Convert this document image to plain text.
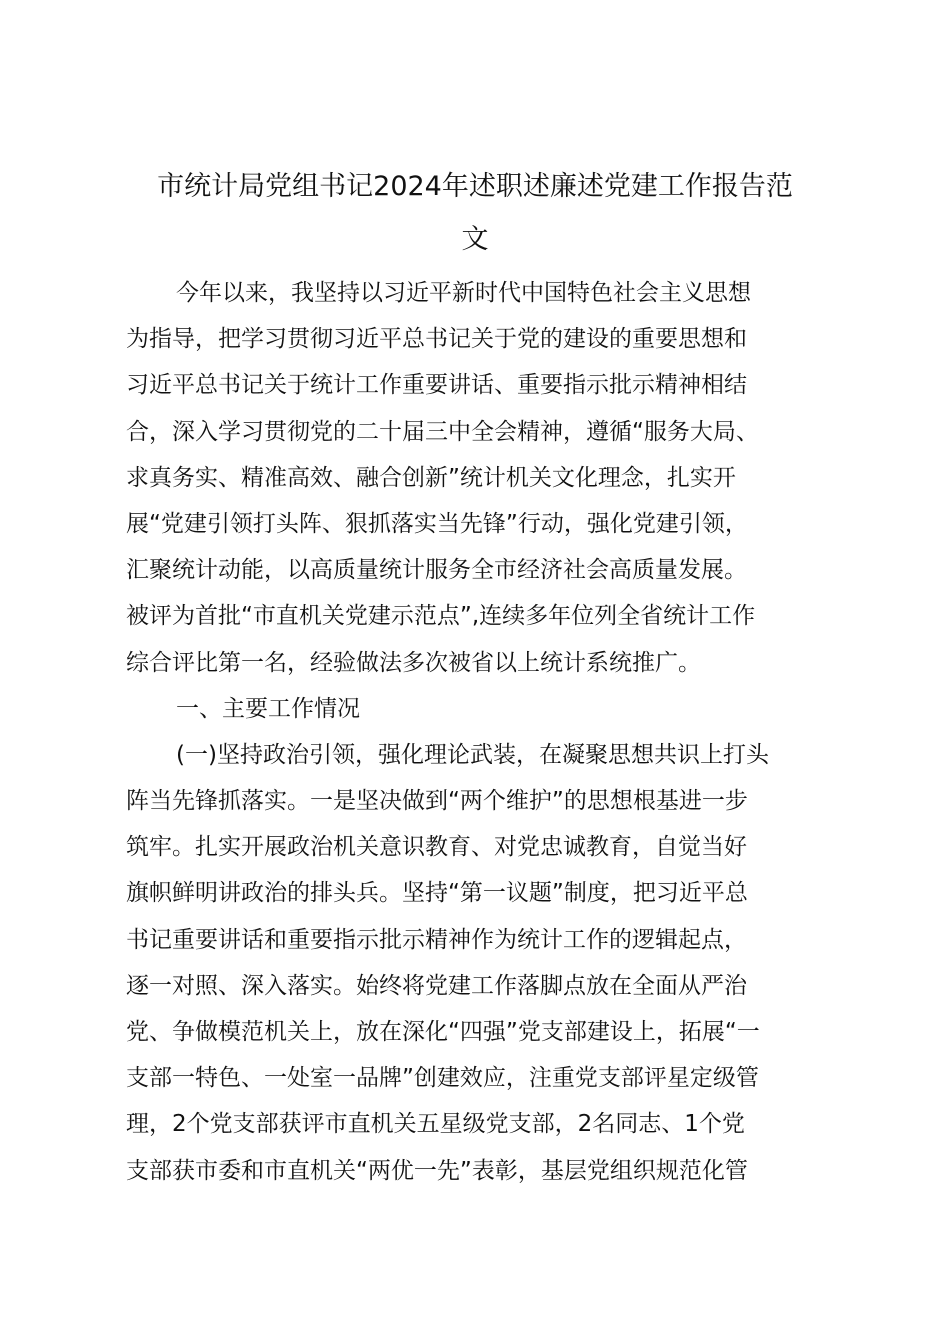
市统计局党组书记2024年述职述廉述党建工作报告范
文
今年以来，我坚持以习近平新时代中国特色社会主义思想
为指导，把学习贯彻习近平总书记关于党的建设的重要思想和
习近平总书记关于统计工作重要讲话、重要指示批示精神相结
合，深入学习贯彻党的二十届三中全会精神，遵循“服务大局、
求真务实、精准高效、融合创新”统计机关文化理念，扎实开
展“党建引领打头阵、狠抓落实当先锋”行动，强化党建引领，
汇聚统计动能，以高质量统计服务全市经济社会高质量发展。
被评为首批“市直机关党建示范点”,连续多年位列全省统计工作
综合评比第一名，经验做法多次被省以上统计系统推广。
一、主要工作情况
(一)坚持政治引领，强化理论武装，在凝聚思想共识上打头
阵当先锋抓落实。一是坚决做到“两个维护”的思想根基进一步
筑牢。扎实开展政治机关意识教育、对党忠诚教育，自觉当好
旗帜鲜明讲政治的排头兵。坚持“第一议题”制度，把习近平总
书记重要讲话和重要指示批示精神作为统计工作的逻辑起点，
逐一对照、深入落实。始终将党建工作落脚点放在全面从严治
党、争做模范机关上，放在深化“四强”党支部建设上，拓展“一
支部一特色、一处室一品牌”创建效应，注重党支部评星定级管
理，2个党支部获评市直机关五星级党支部，2名同志、1个党
支部获市委和市直机关“两优一先”表彰，基层党组织规范化管
